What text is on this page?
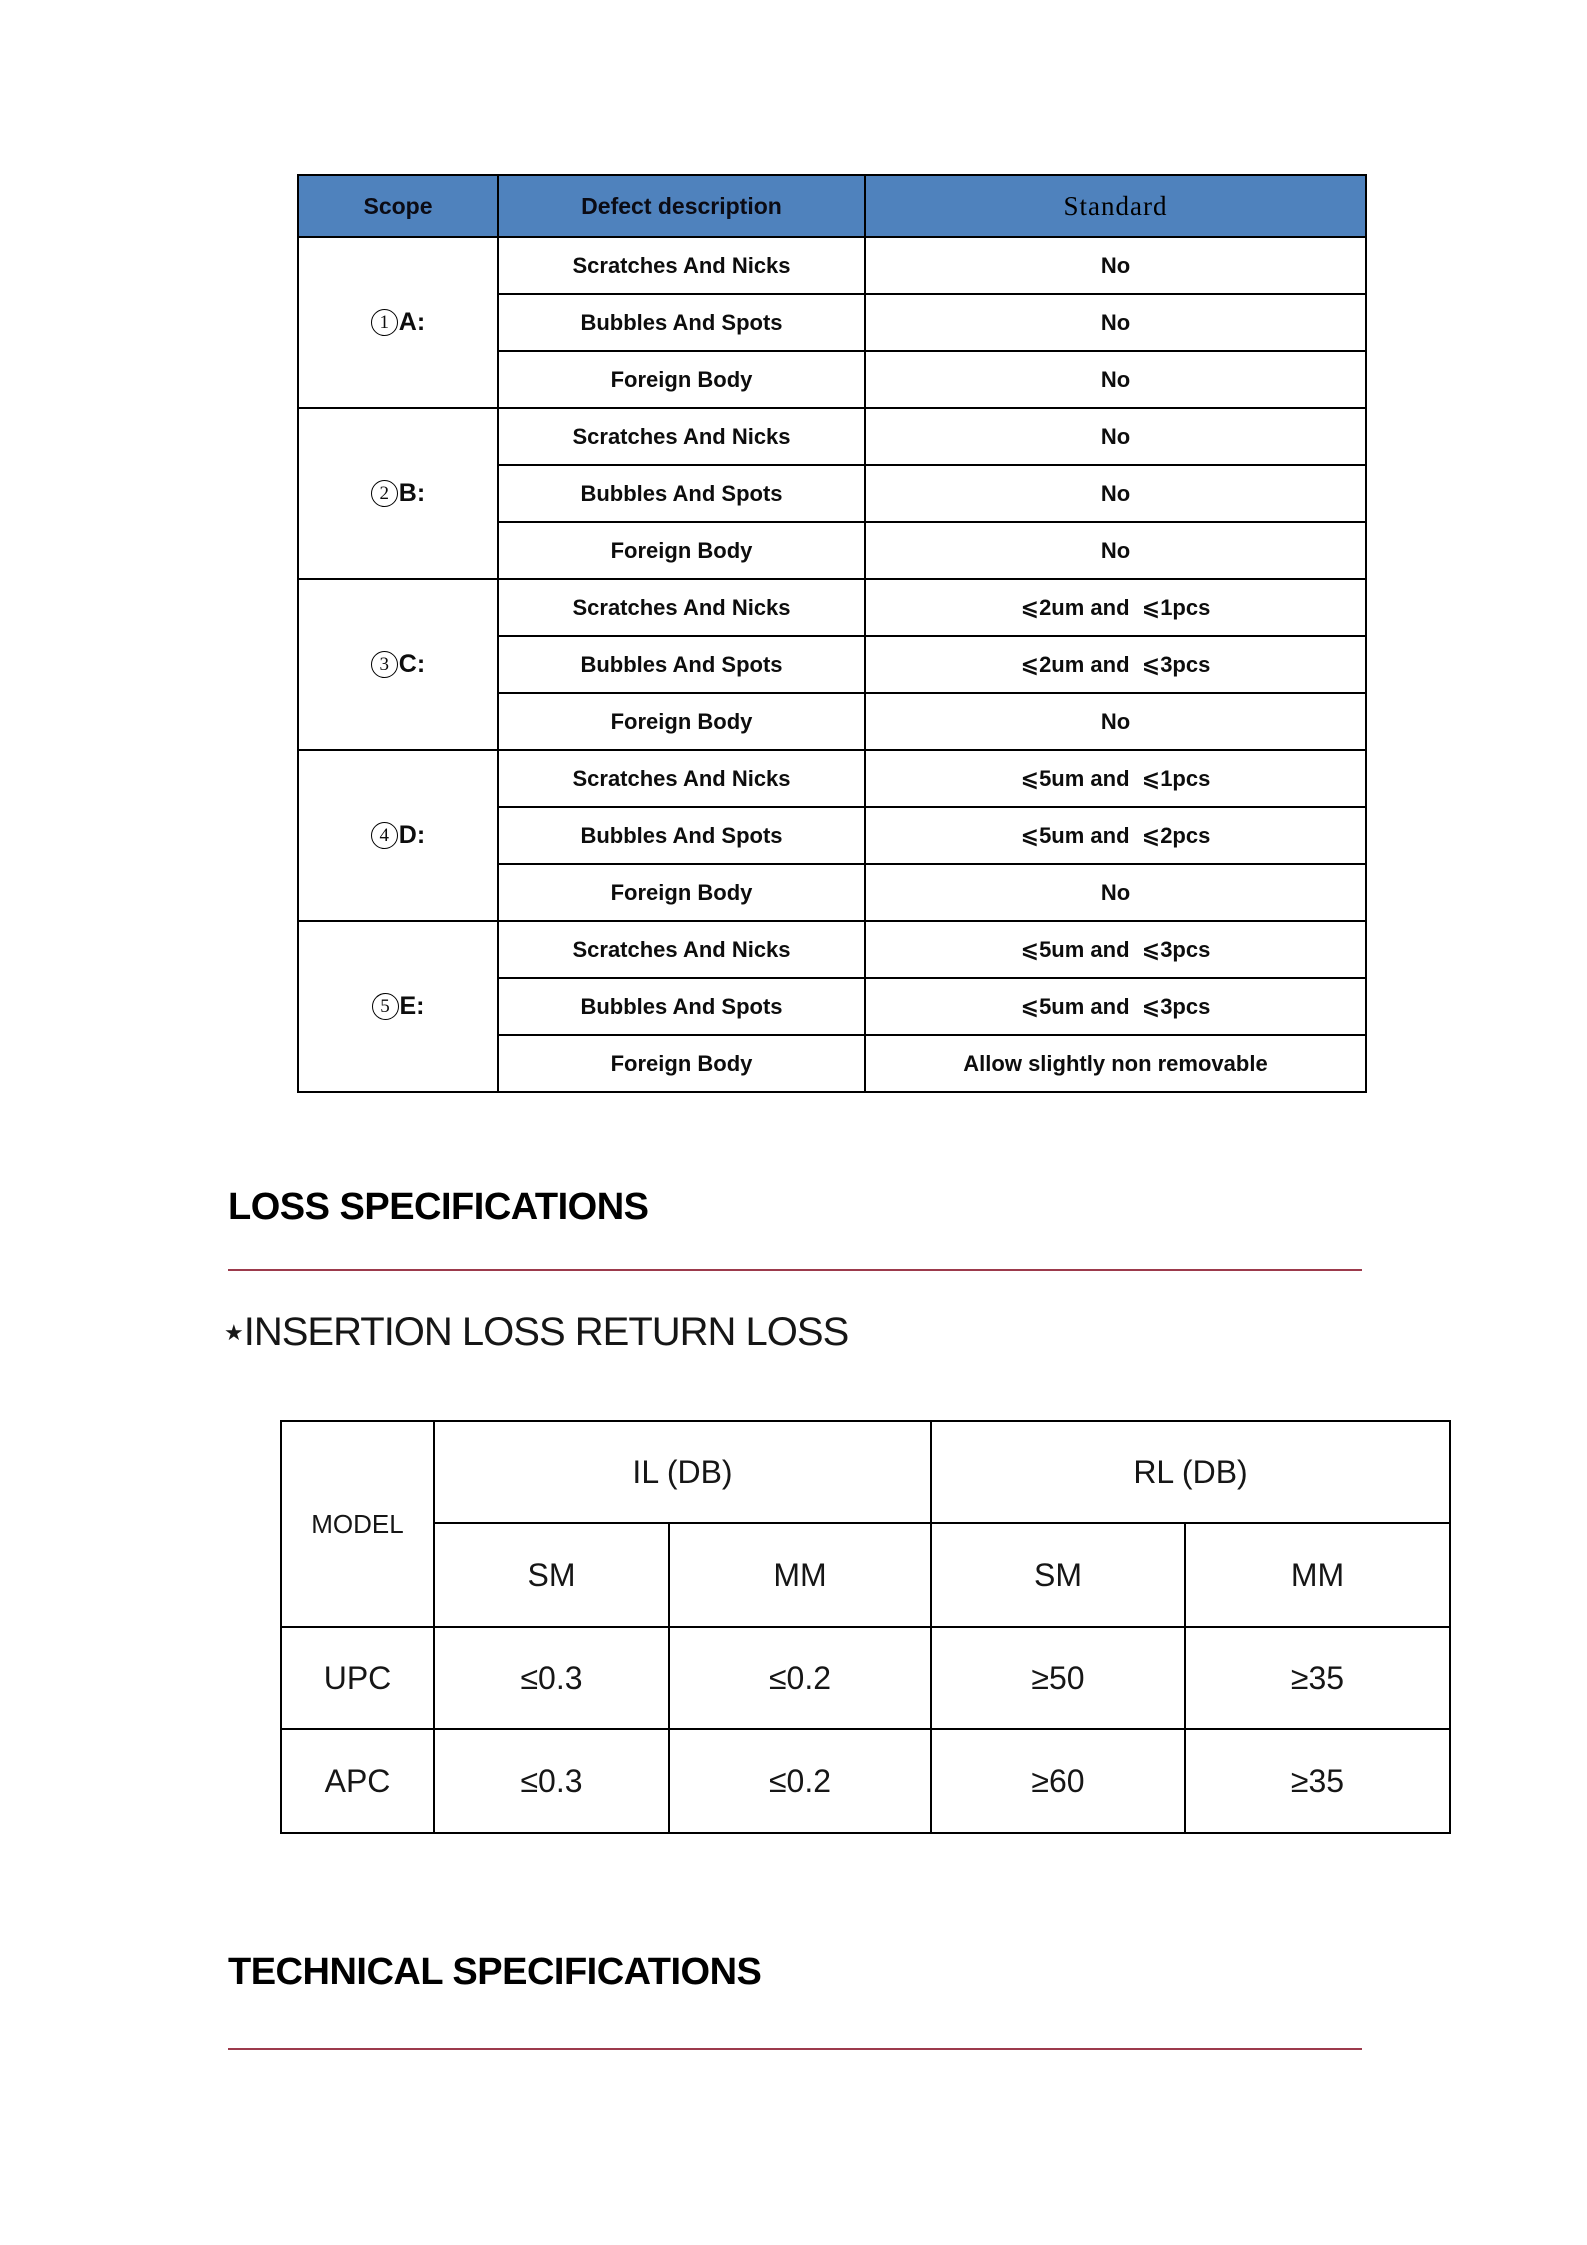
Scope	Defect description	Standard
1 A:	Scratches And Nicks	No
	Bubbles And Spots	No
	Foreign Body	No
2 B:	Scratches And Nicks	No
	Bubbles And Spots	No
	Foreign Body	No
3 C:	Scratches And Nicks	⩽2um and  ⩽1pcs
	Bubbles And Spots	⩽2um and  ⩽3pcs
	Foreign Body	No
4 D:	Scratches And Nicks	⩽5um and  ⩽1pcs
	Bubbles And Spots	⩽5um and  ⩽2pcs
	Foreign Body	No
5 E:	Scratches And Nicks	⩽5um and  ⩽3pcs
	Bubbles And Spots	⩽5um and  ⩽3pcs
	Foreign Body	Allow slightly non removable
LOSS SPECIFICATIONS
★INSERTION LOSS RETURN LOSS
MODEL	IL (DB)		RL (DB)	
	SM	MM	SM	MM
UPC	≤0.3	≤0.2	≥50	≥35
APC	≤0.3	≤0.2	≥60	≥35
TECHNICAL SPECIFICATIONS
